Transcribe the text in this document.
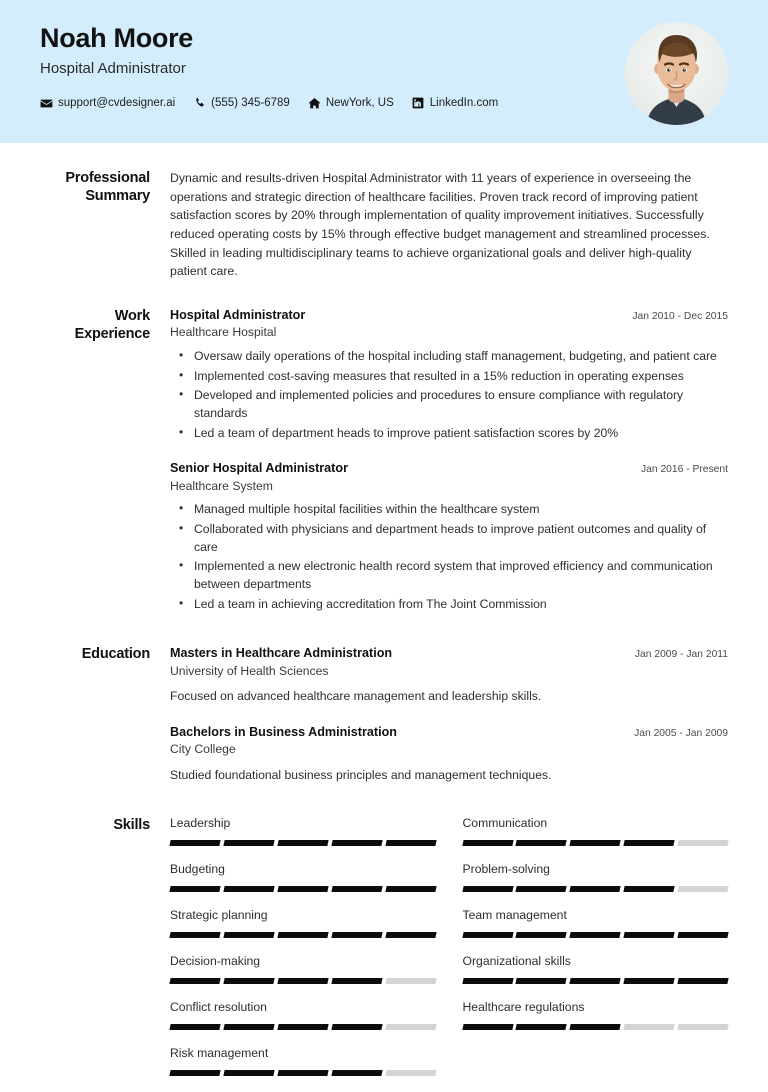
Noah Moore
Hospital Administrator
support@cvdesigner.ai	(555) 345-6789	NewYork, US	LinkedIn.com
Professional Summary
Dynamic and results-driven Hospital Administrator with 11 years of experience in overseeing the operations and strategic direction of healthcare facilities. Proven track record of improving patient satisfaction scores by 20% through implementation of quality improvement initiatives. Successfully reduced operating costs by 15% through effective budget management and streamlined processes. Skilled in leading multidisciplinary teams to achieve organizational goals and deliver high-quality patient care.
Work Experience
Hospital Administrator	Jan 2010 - Dec 2015
Healthcare Hospital
• Oversaw daily operations of the hospital including staff management, budgeting, and patient care
• Implemented cost-saving measures that resulted in a 15% reduction in operating expenses
• Developed and implemented policies and procedures to ensure compliance with regulatory standards
• Led a team of department heads to improve patient satisfaction scores by 20%
Senior Hospital Administrator	Jan 2016 - Present
Healthcare System
• Managed multiple hospital facilities within the healthcare system
• Collaborated with physicians and department heads to improve patient outcomes and quality of care
• Implemented a new electronic health record system that improved efficiency and communication between departments
• Led a team in achieving accreditation from The Joint Commission
Education	Masters in Healthcare Administration	Jan 2009 - Jan 2011
University of Health Sciences
Focused on advanced healthcare management and leadership skills.
Bachelors in Business Administration	Jan 2005 - Jan 2009
City College
Studied foundational business principles and management techniques.
Skills	Leadership	Communication
Budgeting	Problem-solving
Strategic planning	Team management
Decision-making	Organizational skills
Conflict resolution	Healthcare regulations
Risk management
